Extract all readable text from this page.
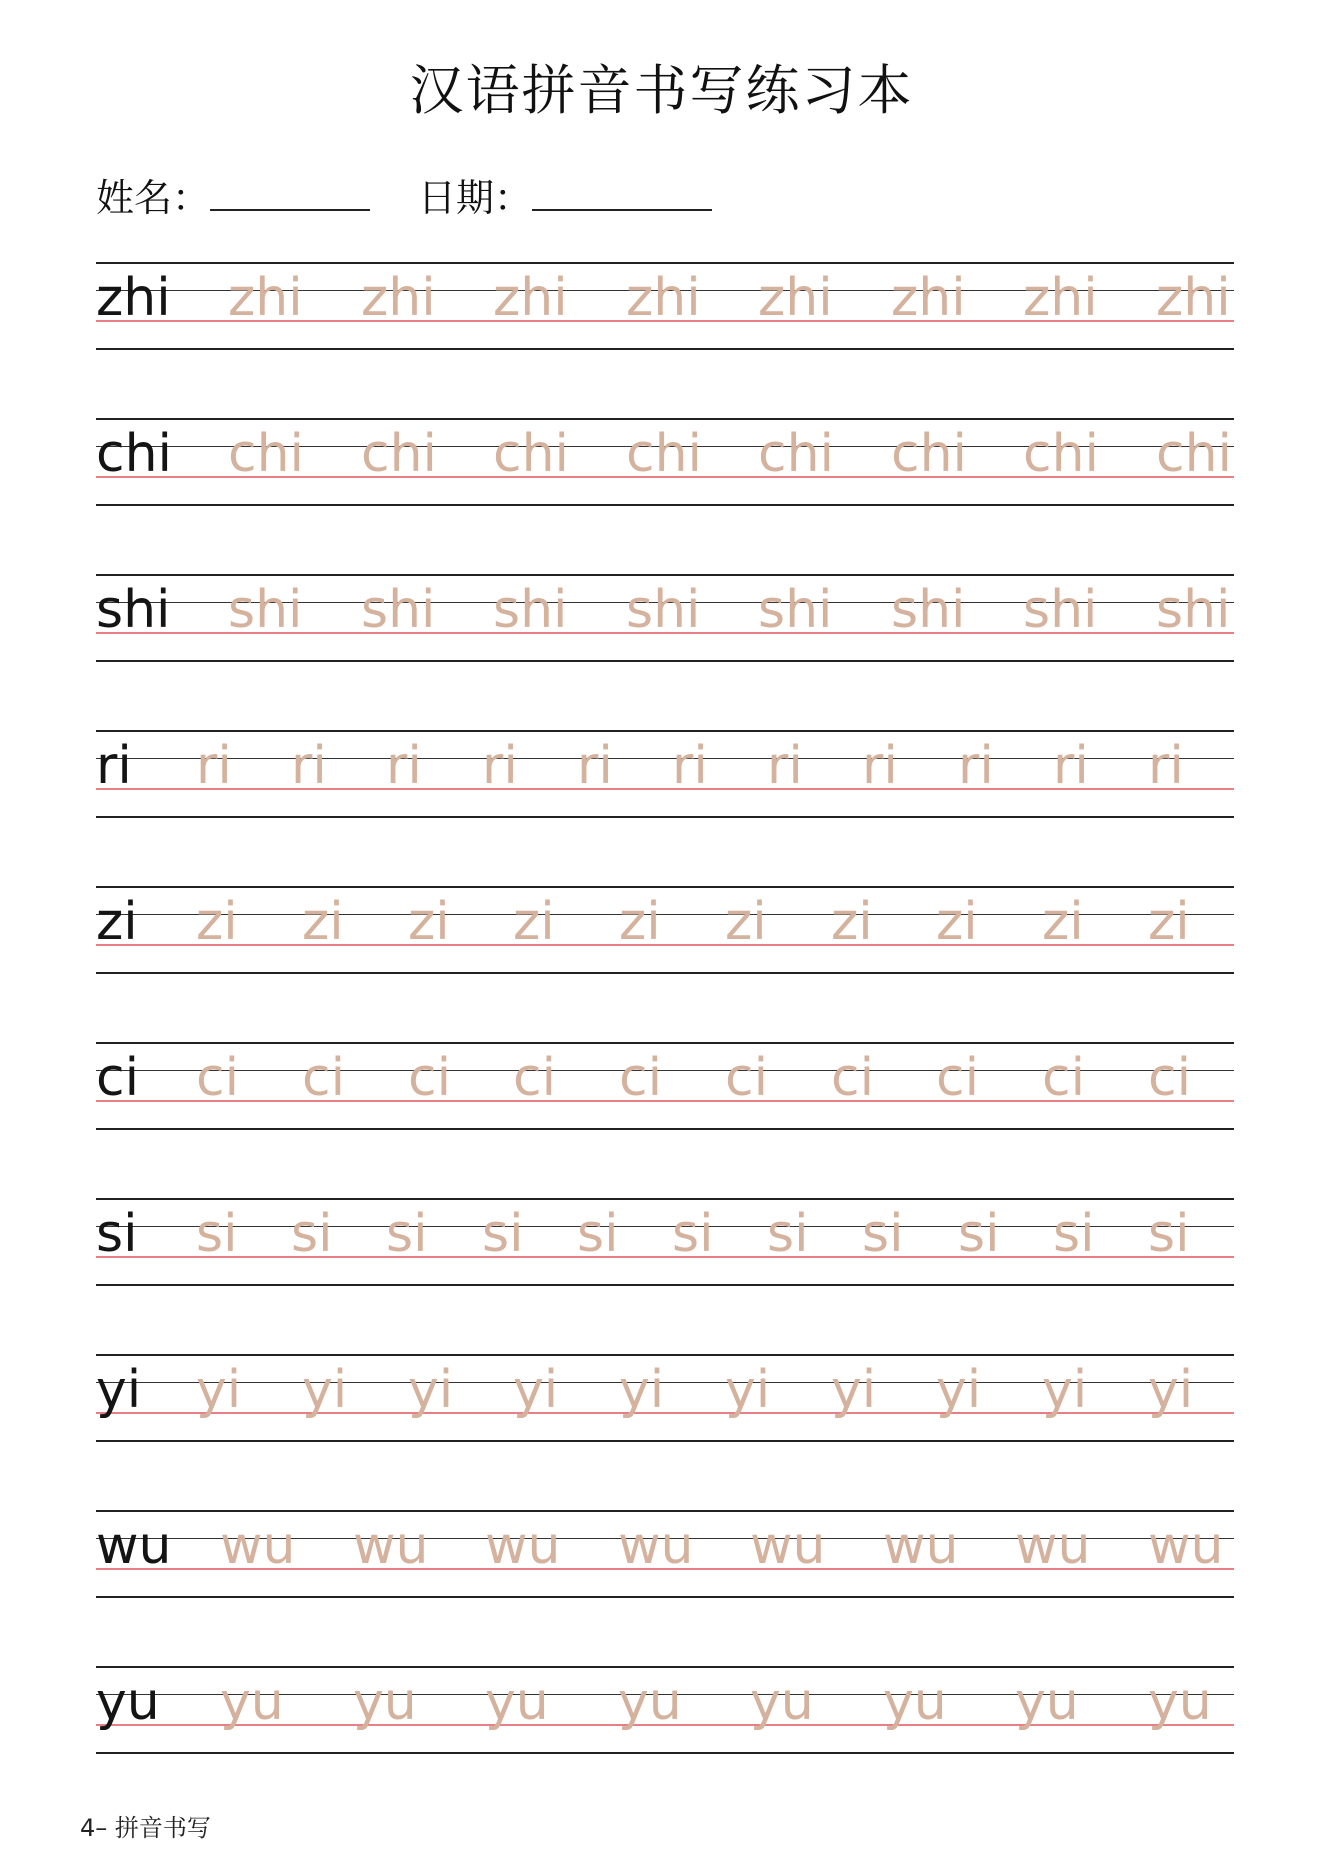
汉语拼音书写练习本
姓名：	日期：
zhi zhi zhi zhi zhi zhi zhi zhi zhi
chi chi chi chi chi chi chi chi chi
shi shi shi shi shi shi shi shi shi
ri ri ri ri ri ri ri ri ri ri ri ri
zi zi zi zi zi zi zi zi zi zi zi
ci ci ci ci ci ci ci ci ci ci ci
si si si si si si si si si si si si
yi yi yi yi yi yi yi yi yi yi yi
wu wu wu wu wu wu wu wu wu
yu yu yu yu yu yu yu yu yu
4– 拼音书写
